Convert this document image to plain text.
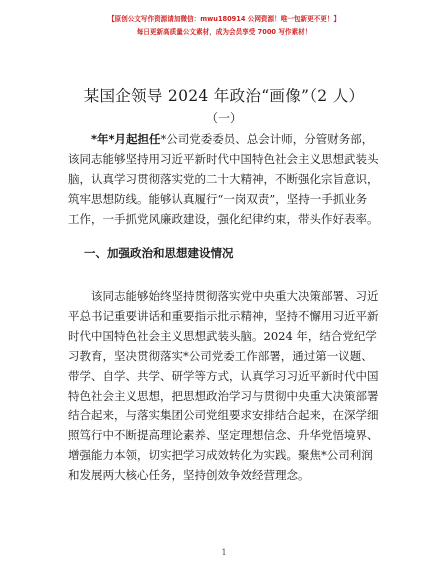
【原创公文写作资源请加微信：mwu180914 公网资源！唯一包新更不更！】
每日更新高质量公文素材，成为会员享受 7000 写作素材！
某国企领导 2024 年政治“画像”（2 人）
（一）
*年*月起担任*公司党委委员、总会计师，分管财务部，
该同志能够坚持用习近平新时代中国特色社会主义思想武装头
脑，认真学习贯彻落实党的二十大精神，不断强化宗旨意识，
筑牢思想防线。能够认真履行“一岗双责”，坚持一手抓业务
工作，一手抓党风廉政建设，强化纪律约束，带头作好表率。
一、加强政治和思想建设情况
该同志能够始终坚持贯彻落实党中央重大决策部署、习近
平总书记重要讲话和重要指示批示精神，坚持不懈用习近平新
时代中国特色社会主义思想武装头脑。2024 年，结合党纪学
习教育，坚决贯彻落实*公司党委工作部署，通过第一议题、
带学、自学、共学、研学等方式，认真学习习近平新时代中国
特色社会主义思想，把思想政治学习与贯彻中央重大决策部署
结合起来，与落实集团公司党组要求安排结合起来，在深学细
照笃行中不断提高理论素养、坚定理想信念、升华党悟境界、
增强能力本领，切实把学习成效转化为实践。聚焦*公司利润
和发展两大核心任务，坚持创效争效经营理念。
1
